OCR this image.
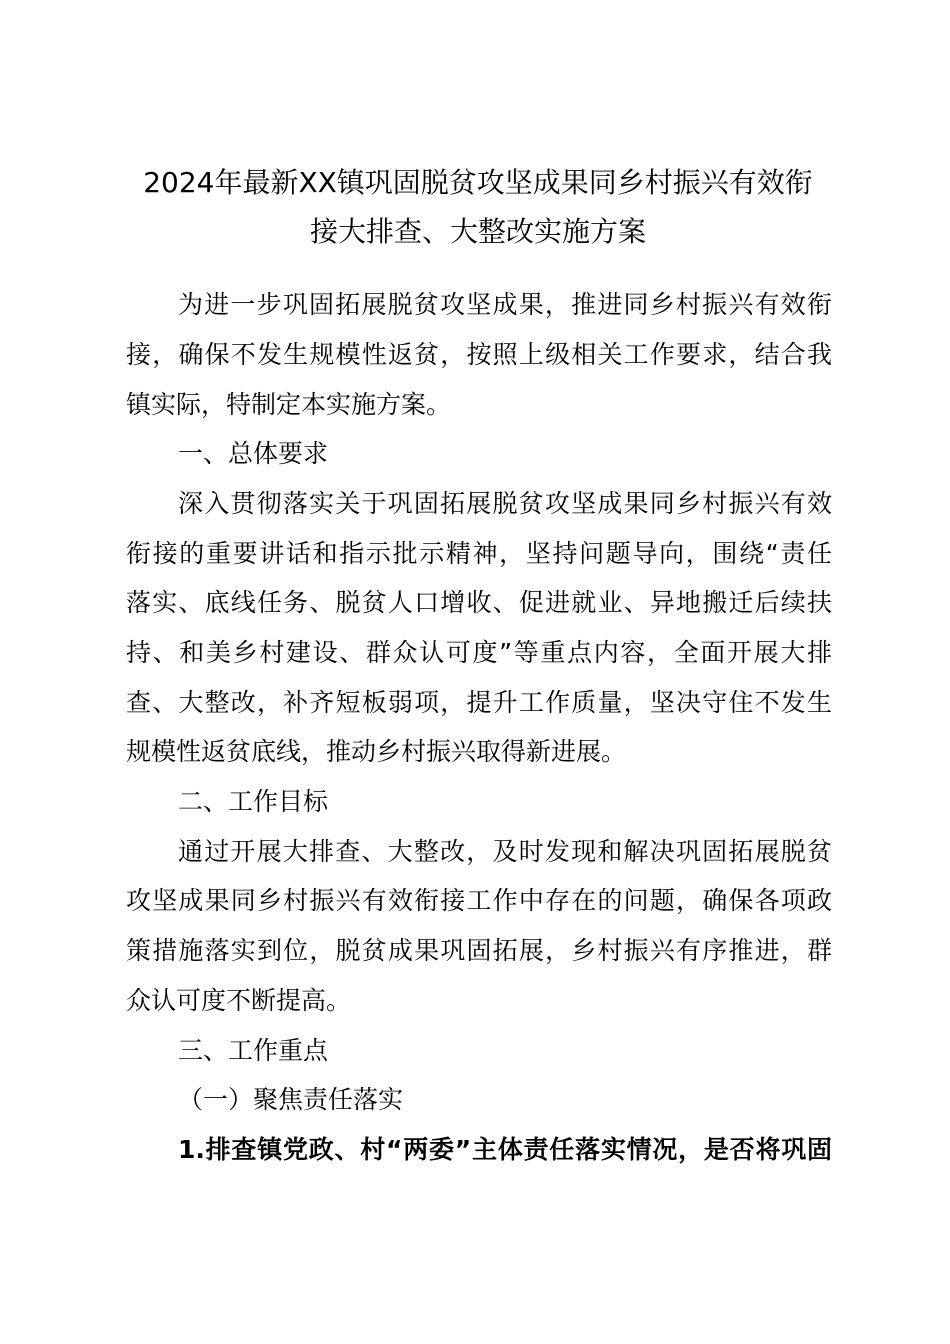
2024年最新XX镇巩固脱贫攻坚成果同乡村振兴有效衔
接大排查、大整改实施方案
为进一步巩固拓展脱贫攻坚成果，推进同乡村振兴有效衔
接，确保不发生规模性返贫，按照上级相关工作要求，结合我
镇实际，特制定本实施方案。
一、总体要求
深入贯彻落实关于巩固拓展脱贫攻坚成果同乡村振兴有效
衔接的重要讲话和指示批示精神，坚持问题导向，围绕“责任
落实、底线任务、脱贫人口增收、促进就业、异地搬迁后续扶
持、和美乡村建设、群众认可度”等重点内容，全面开展大排
查、大整改，补齐短板弱项，提升工作质量，坚决守住不发生
规模性返贫底线，推动乡村振兴取得新进展。
二、工作目标
通过开展大排查、大整改，及时发现和解决巩固拓展脱贫
攻坚成果同乡村振兴有效衔接工作中存在的问题，确保各项政
策措施落实到位，脱贫成果巩固拓展，乡村振兴有序推进，群
众认可度不断提高。
三、工作重点
（一）聚焦责任落实
1.排查镇党政、村“两委”主体责任落实情况，是否将巩固
